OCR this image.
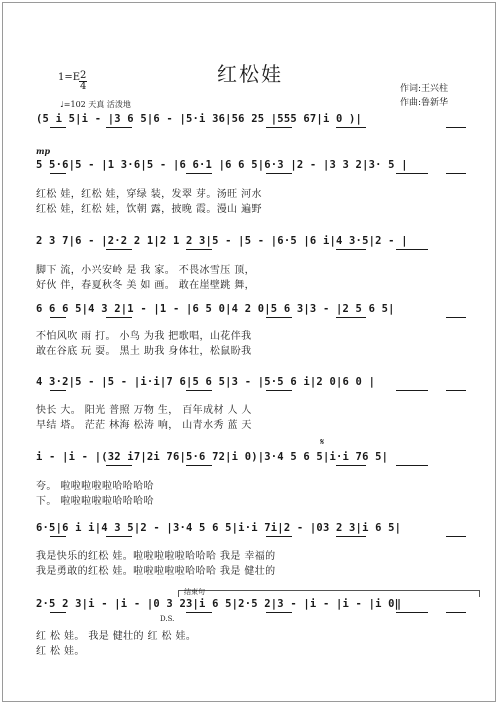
红松娃
作词:王兴柱
作曲:鲁新华
1=E 2
4
♩=102 天真 活泼地
(5 i 5|i - |3 6 5|6 - |5·i 36|56 25 |555 67|i 0 )|
mp
5 5·6|5 - |1 3·6|5 - |6 6·1 |6 6 5|6·3 |2 - |3 3 2|3· 5 |
红松 娃，红松 娃，穿绿 装，发翠 芽。汤旺 河水
红松 娃，红松 娃，饮朝 露，披晚 霞。漫山 遍野
2 3 7|6 - |2·2 2 1|2 1 2 3|5 - |5 - |6·5 |6 i|4 3·5|2 - |
脚下 流，小兴安岭 是 我 家。 不畏冰雪压 顶，
好伙 伴，春夏秋冬 美 如 画。 敢在崖壁跳 舞，
6 6 6 5|4 3 2|1 - |1 - |6 5 0|4 2 0|5 6 3|3 - |2 5 6 5|
不怕风吹 雨 打。 小鸟 为我 把歌唱，山花伴我
敢在谷底 玩 耍。 黑土 助我 身体壮，松鼠盼我
4 3·2|5 - |5 - |i·i|7 6|5 6 5|3 - |5·5 6 i|2 0|6 0 |
快长 大。 阳光 普照 万物 生， 百年成材 人 人
早结 塔。 茫茫 林海 松涛 响， 山青水秀 蓝 天
𝄋
i - |i - |(32 i7|2i 76|5·6 72|i 0)|3·4 5 6 5|i·i 76 5|
夸。 啦啦啦啦啦哈哈哈哈
下。 啦啦啦啦啦哈哈哈哈
6·5|6 i i|4 3 5|2 - |3·4 5 6 5|i·i 7i|2 - |03 2 3|i 6 5|
我是快乐的红松 娃。啦啦啦啦啦哈哈哈 我是 幸福的
我是勇敢的红松 娃。啦啦啦啦啦哈哈哈 我是 健壮的
结束句
2·5 2 3|i - |i - |0 3 23|i 6 5|2·5 2|3 - |i - |i - |i 0‖
D.S.
红 松 娃。 我是 健壮的 红 松 娃。
红 松 娃。
